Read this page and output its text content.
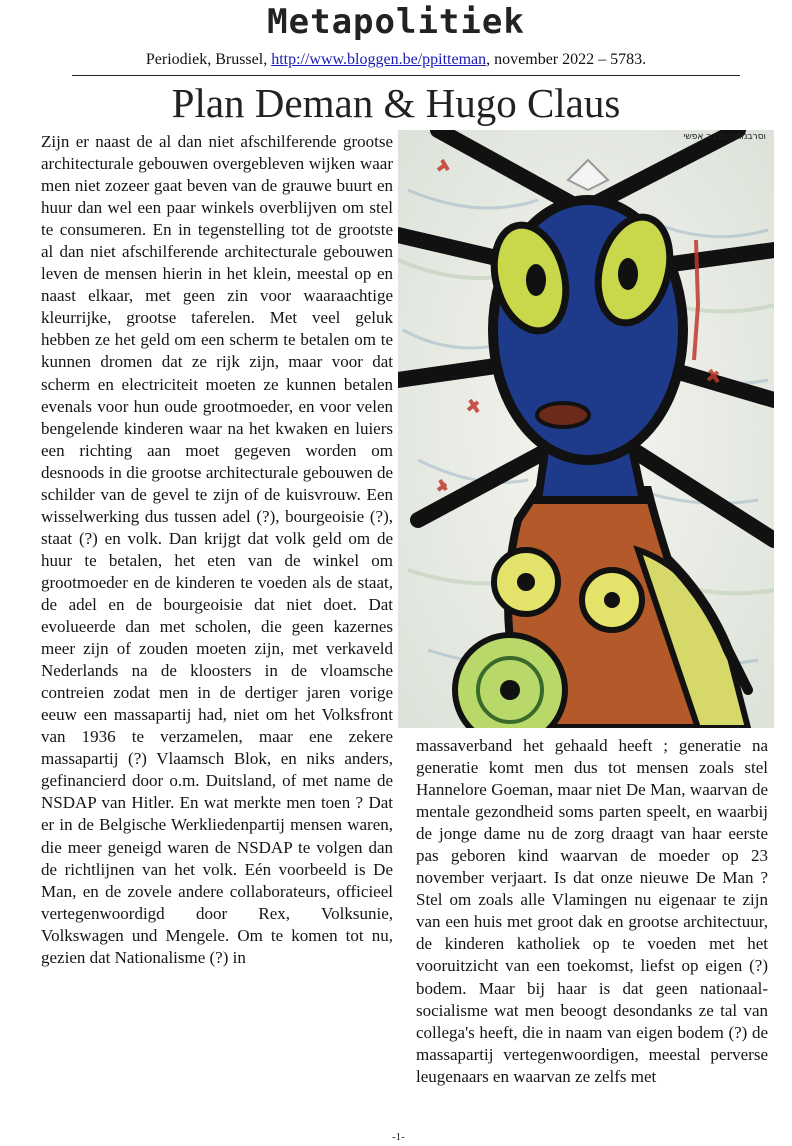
Metapolitiek
Periodiek, Brussel, http://www.bloggen.be/ppitteman, november 2022 – 5783.
Plan Deman & Hugo Claus

Zijn er naast de al dan niet afschilferende grootse architecturale gebouwen overgebleven wijken waar men niet zozeer gaat beven van de grauwe buurt en huur dan wel een paar winkels overblijven om stel te consumeren. En in tegenstelling tot de grootste al dan niet afschilferende architecturale gebouwen leven de mensen hierin in het klein, meestal op en naast elkaar, met geen zin voor waaraachtige kleurrijke, grootse taferelen. Met veel geluk hebben ze het geld om een scherm te betalen om te kunnen dromen dat ze rijk zijn, maar voor dat scherm en electriciteit moeten ze kunnen betalen evenals voor hun oude grootmoeder, en voor velen bengelende kinderen waar na het kwaken en luiers een richting aan moet gegeven worden om desnoods in die grootse architecturale gebouwen de schilder van de gevel te zijn of de kuisvrouw. Een wisselwerking dus tussen adel (?), bourgeoisie (?), staat (?) en volk. Dan krijgt dat volk geld om de huur te betalen, het eten van de winkel om grootmoeder en de kinderen te voeden als de staat, de adel en de bourgeoisie dat niet doet. Dat evolueerde dan met scholen, die geen kazernes meer zijn of zouden moeten zijn, met verkaveld Nederlands na de kloosters in de vloamsche contreien zodat men in de dertiger jaren vorige eeuw een massapartij had, niet om het Volksfront van 1936 te verzamelen, maar ene zekere massapartij (?) Vlaamsch Blok, en niks anders, gefinancierd door o.m. Duitsland, of met name de NSDAP van Hitler. En wat merkte men toen ? Dat er in de Belgische Werkliedenpartij mensen waren, die meer geneigd waren de NSDAP te volgen dan de richtlijnen van het volk. Eén voorbeeld is De Man, en de zovele andere collaborateurs, officieel vertegenwoordigd door Rex, Volksunie, Volkswagen und Mengele. Om te komen tot nu, gezien dat Nationalisme (?) in

וסרבנותה בדבר אפשי

massaverband het gehaald heeft ; generatie na generatie komt men dus tot mensen zoals stel Hannelore Goeman, maar niet De Man, waarvan de mentale gezondheid soms parten speelt, en waarbij de jonge dame nu de zorg draagt van haar eerste pas geboren kind waarvan de moeder op 23 november verjaart. Is dat onze nieuwe De Man ? Stel om zoals alle Vlamingen nu eigenaar te zijn van een huis met groot dak en grootse architectuur, de kinderen katholiek op te voeden met het vooruitzicht van een toekomst, liefst op eigen (?) bodem. Maar bij haar is dat geen nationaal-socialisme wat men beoogt desondanks ze tal van collega's heeft, die in naam van eigen bodem (?) de massapartij vertegenwoordigen, meestal perverse leugenaars en waarvan ze zelfs met

-1-
